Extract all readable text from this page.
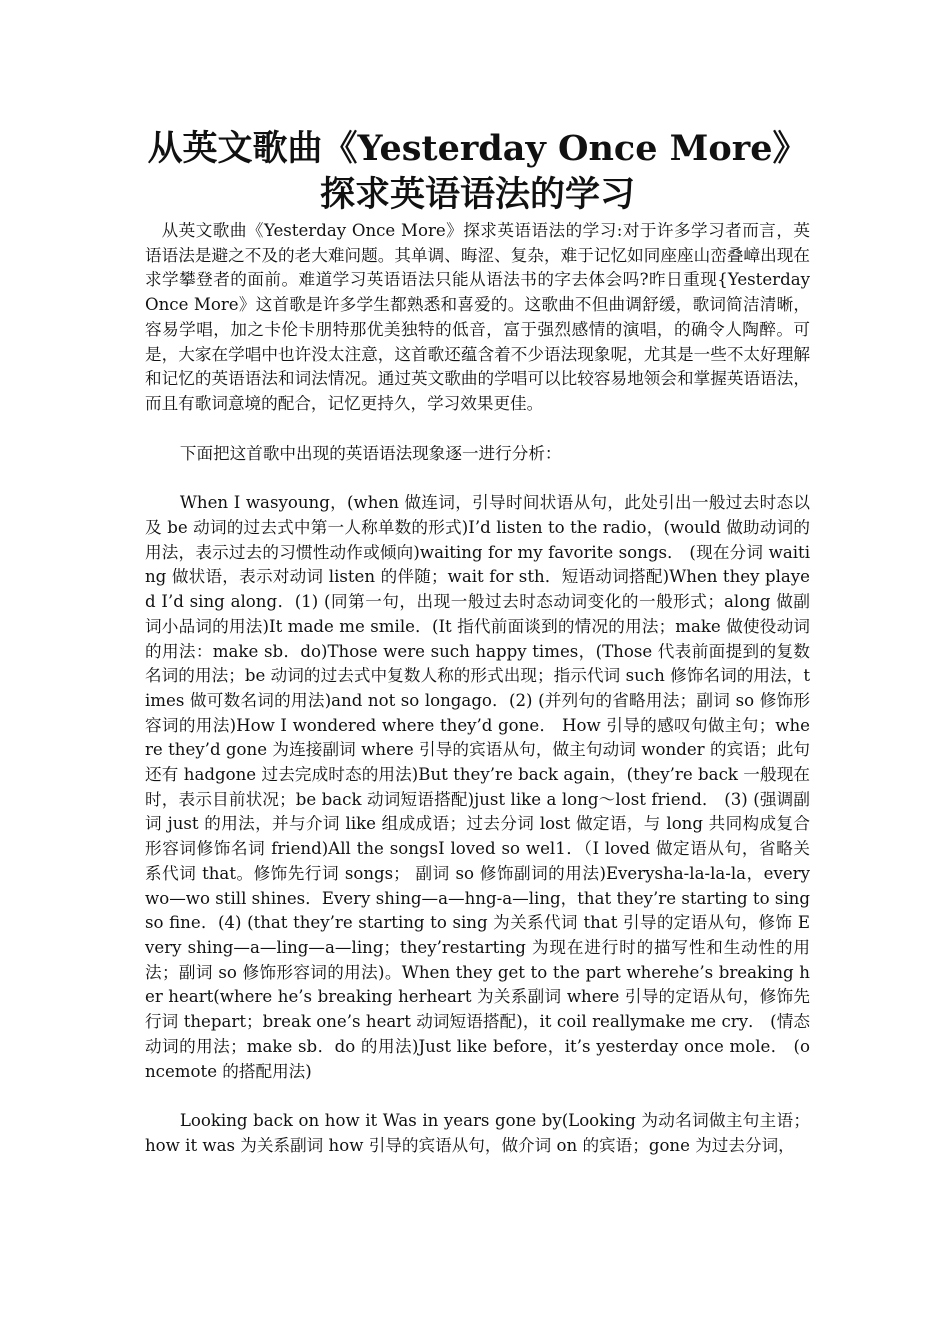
从英文歌曲《Yesterday Once More》探求英语语法的学习

从英文歌曲《Yesterday Once More》探求英语语法的学习:对于许多学习者而言，英语语法是避之不及的老大难问题。其单调、晦涩、复杂，难于记忆如同座座山峦叠嶂出现在求学攀登者的面前。难道学习英语语法只能从语法书的字去体会吗?昨日重现{Yesterday Once More》这首歌是许多学生都熟悉和喜爱的。这歌曲不但曲调舒缓，歌词简洁清晰，容易学唱，加之卡伦卡朋特那优美独特的低音，富于强烈感情的演唱，的确令人陶醉。可是，大家在学唱中也许没太注意，这首歌还蕴含着不少语法现象呢，尤其是一些不太好理解和记忆的英语语法和词法情况。通过英文歌曲的学唱可以比较容易地领会和掌握英语语法，而且有歌词意境的配合，记忆更持久，学习效果更佳。

下面把这首歌中出现的英语语法现象逐一进行分析：

When I wasyoung，(when 做连词，引导时间状语从句，此处引出一般过去时态以及 be 动词的过去式中第一人称单数的形式)I’d listen to the radio，(would 做助动词的用法，表示过去的习惯性动作或倾向)waiting for my favorite songs． (现在分词 waiting 做状语，表示对动词 listen 的伴随；wait for sth．短语动词搭配)When they played I’d sing along．(1) (同第一句，出现一般过去时态动词变化的一般形式；along 做副词小品词的用法)It made me smile．(It 指代前面谈到的情况的用法；make 做使役动词的用法：make sb．do)Those were such happy times，(Those 代表前面提到的复数名词的用法；be 动词的过去式中复数人称的形式出现；指示代词 such 修饰名词的用法，times 做可数名词的用法)and not so longago．(2) (并列句的省略用法；副词 so 修饰形容词的用法)How I wondered where they’d gone． How 引导的感叹句做主句；where they’d gone 为连接副词 where 引导的宾语从句，做主句动词 wonder 的宾语；此句还有 hadgone 过去完成时态的用法)But they’re back again，(they’re back 一般现在时，表示目前状况；be back 动词短语搭配)just like a long～lost friend． (3) (强调副词 just 的用法，并与介词 like 组成成语；过去分词 lost 做定语，与 long 共同构成复合形容词修饰名词 friend)All the songsI loved so wel1．（I loved 做定语从句，省略关系代词 that。修饰先行词 songs； 副词 so 修饰副词的用法)Everysha-la-la-la，every wo—wo still shines．Every shing—a—hng-a—ling，that they’re starting to sing so fine．(4) (that they’re starting to sing 为关系代词 that 引导的定语从句，修饰 Every shing—a—ling—a—ling；they’restarting 为现在进行时的描写性和生动性的用法；副词 so 修饰形容词的用法)。When they get to the part wherehe’s breaking her heart(where he’s breaking herheart 为关系副词 where 引导的定语从句，修饰先行词 thepart；break one’s heart 动词短语搭配)，it coil reallymake me cry． (情态动词的用法；make sb．do 的用法)Just like before，it’s yesterday once mole． (oncemote 的搭配用法)

Looking back on how it Was in years gone by(Looking 为动名词做主句主语；how it was 为关系副词 how 引导的宾语从句，做介词 on 的宾语；gone 为过去分词，
